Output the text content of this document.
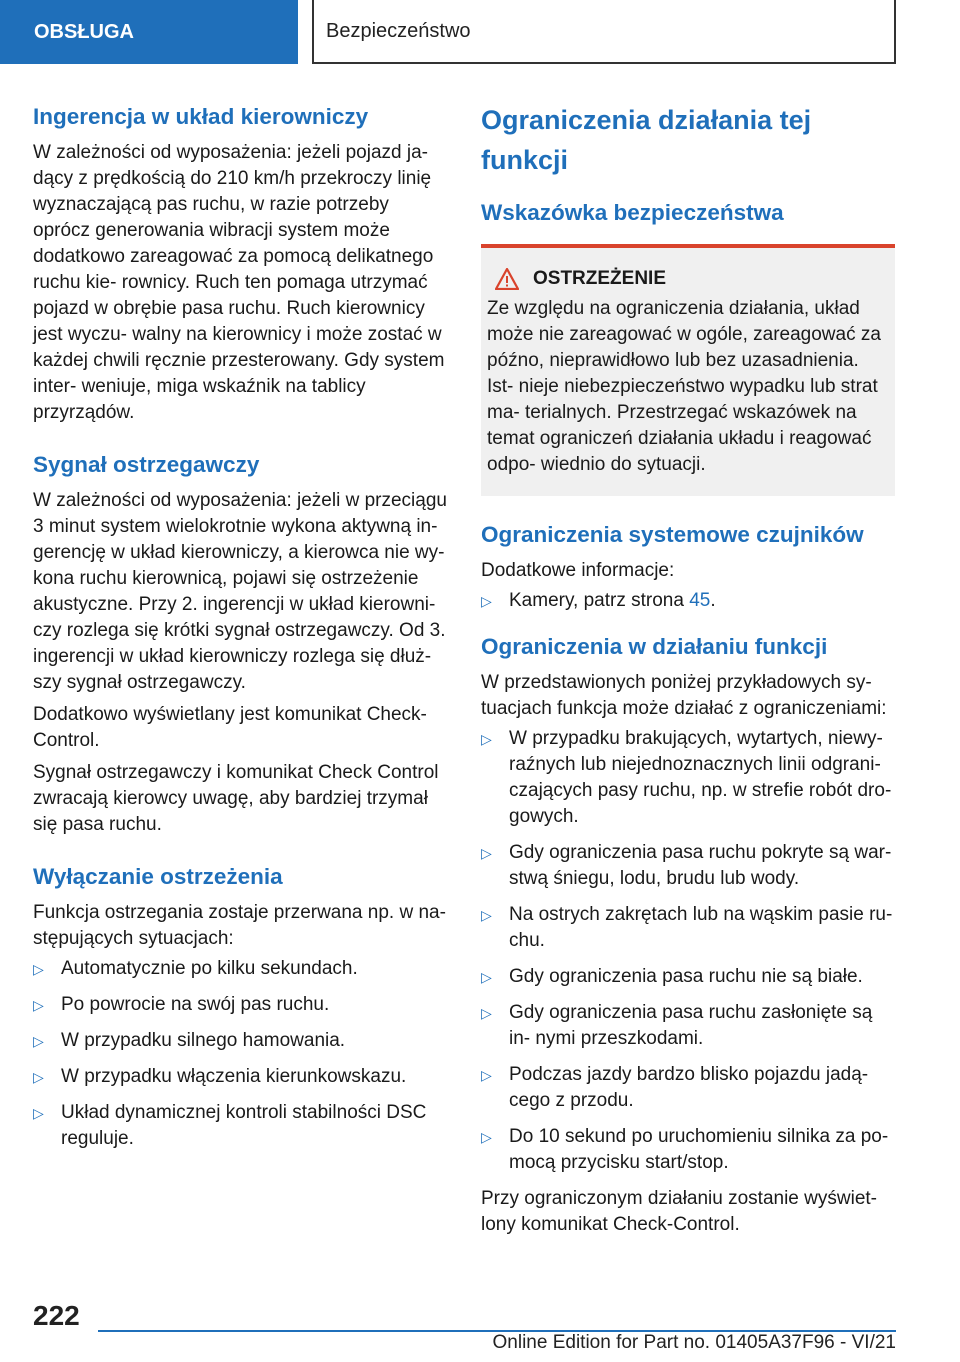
OBSŁUGA	Bezpieczeństwo
Ingerencja w układ kierowniczy

W zależności od wyposażenia: jeżeli pojazd ja- dący z prędkością do 210 km/h przekroczy linię wyznaczającą pas ruchu, w razie potrzeby oprócz generowania wibracji system może dodatkowo zareagować za pomocą delikatnego ruchu kie- rownicy. Ruch ten pomaga utrzymać pojazd w obrębie pasa ruchu. Ruch kierownicy jest wyczu- walny na kierownicy i może zostać w każdej chwili ręcznie przesterowany. Gdy system inter- weniuje, miga wskaźnik na tablicy przyrządów.

Sygnał ostrzegawczy

W zależności od wyposażenia: jeżeli w przeciągu 3 minut system wielokrotnie wykona aktywną in- gerencję w układ kierowniczy, a kierowca nie wy- kona ruchu kierownicą, pojawi się ostrzeżenie akustyczne. Przy 2. ingerencji w układ kierowni- czy rozlega się krótki sygnał ostrzegawczy. Od 3. ingerencji w układ kierowniczy rozlega się dłuż- szy sygnał ostrzegawczy.

Dodatkowo wyświetlany jest komunikat Check- Control.

Sygnał ostrzegawczy i komunikat Check Control zwracają kierowcy uwagę, aby bardziej trzymał się pasa ruchu.

Wyłączanie ostrzeżenia

Funkcja ostrzegania zostaje przerwana np. w na- stępujących sytuacjach:

▷ Automatycznie po kilku sekundach.
▷ Po powrocie na swój pas ruchu.
▷ W przypadku silnego hamowania.
▷ W przypadku włączenia kierunkowskazu.
▷ Układ dynamicznej kontroli stabilności DSC reguluje.
Ograniczenia działania tej funkcji
Wskazówka bezpieczeństwa
OSTRZEŻENIE

Ze względu na ograniczenia działania, układ może nie zareagować w ogóle, zareagować za późno, nieprawidłowo lub bez uzasadnienia. Ist- nieje niebezpieczeństwo wypadku lub strat ma- terialnych. Przestrzegać wskazówek na temat ograniczeń działania układu i reagować odpo- wiednio do sytuacji.

Ograniczenia systemowe czujników

Dodatkowe informacje:

▷ Kamery, patrz strona 45.
Ograniczenia w działaniu funkcji

W przedstawionych poniżej przykładowych sy- tuacjach funkcja może działać z ograniczeniami:

▷ W przypadku brakujących, wytartych, niewy- raźnych lub niejednoznacznych linii odgrani- czających pasy ruchu, np. w strefie robót dro- gowych.
▷ Gdy ograniczenia pasa ruchu pokryte są war- stwą śniegu, lodu, brudu lub wody.
▷ Na ostrych zakrętach lub na wąskim pasie ru- chu.
▷ Gdy ograniczenia pasa ruchu nie są białe.
▷ Gdy ograniczenia pasa ruchu zasłonięte są in- nymi przeszkodami.
▷ Podczas jazdy bardzo blisko pojazdu jadą- cego z przodu.
▷ Do 10 sekund po uruchomieniu silnika za po- mocą przycisku start/stop.

Przy ograniczonym działaniu zostanie wyświet- lony komunikat Check-Control.

222
Online Edition for Part no. 01405A37F96 - VI/21
